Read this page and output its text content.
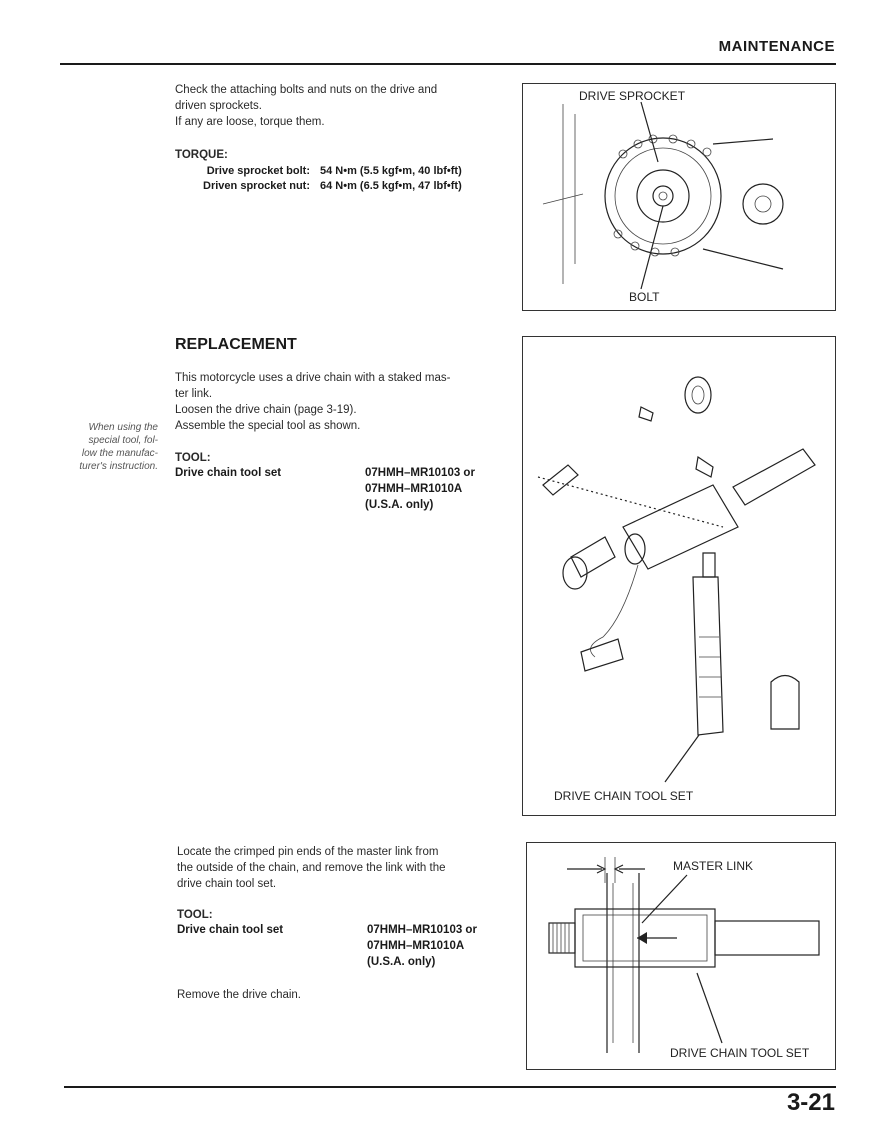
MAINTENANCE
Check the attaching bolts and nuts on the drive and
driven sprockets.
If any are loose, torque them.
TORQUE:
Drive sprocket bolt: 54 N•m (5.5 kgf•m, 40 lbf•ft)
Driven sprocket nut: 64 N•m (6.5 kgf•m, 47 lbf•ft)
DRIVE SPROCKET
BOLT
REPLACEMENT
This motorcycle uses a drive chain with a staked mas-
ter link.
Loosen the drive chain (page 3-19).
Assemble the special tool as shown.
When using the
special tool, fol-
low the manufac-
turer's instruction.
TOOL:
Drive chain tool set	07HMH–MR10103 or
07HMH–MR1010A
(U.S.A. only)
DRIVE CHAIN TOOL SET
Locate the crimped pin ends of the master link from
the outside of the chain, and remove the link with the
drive chain tool set.
TOOL:
Drive chain tool set	07HMH–MR10103 or
07HMH–MR1010A
(U.S.A. only)
Remove the drive chain.
MASTER LINK
DRIVE CHAIN TOOL SET
3-21
